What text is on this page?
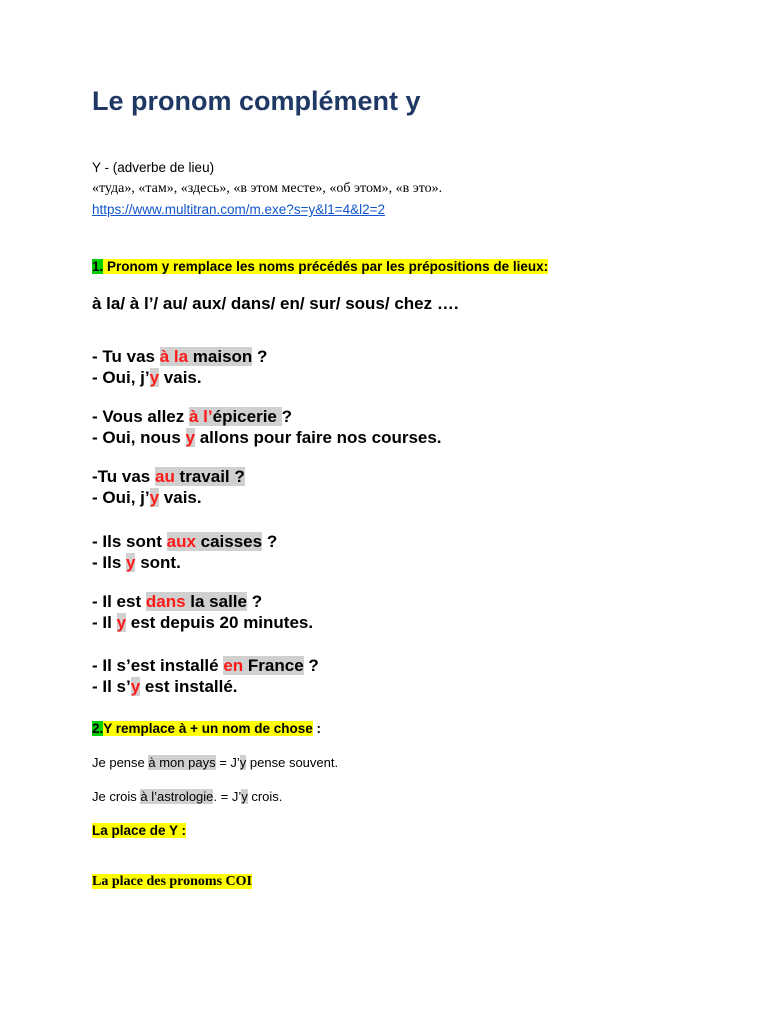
Le pronom complément y
Y - (adverbe de lieu)
«туда», «там», «здесь», «в этом месте», «об этом», «в это».
https://www.multitran.com/m.exe?s=y&l1=4&l2=2
1. Pronom y remplace les noms précédés par les prépositions de lieux:
à la/ à l’/ au/ aux/ dans/ en/ sur/ sous/ chez ….
- Tu vas à la maison ?
- Oui, j’y vais.
- Vous allez à l’épicerie ?
- Oui, nous y allons pour faire nos courses.
-Tu vas au travail ?
- Oui, j’y vais.
- Ils sont aux caisses ?
- Ils y sont.
- Il est dans la salle ?
- Il y est depuis 20 minutes.
- Il s’est installé en France ?
- Il s’y est installé.
2.Y remplace à + un nom de chose :
Je pense à mon pays = J’y pense souvent.
Je crois à l’astrologie. = J’y crois.
La place de Y :
La place des pronoms COI
